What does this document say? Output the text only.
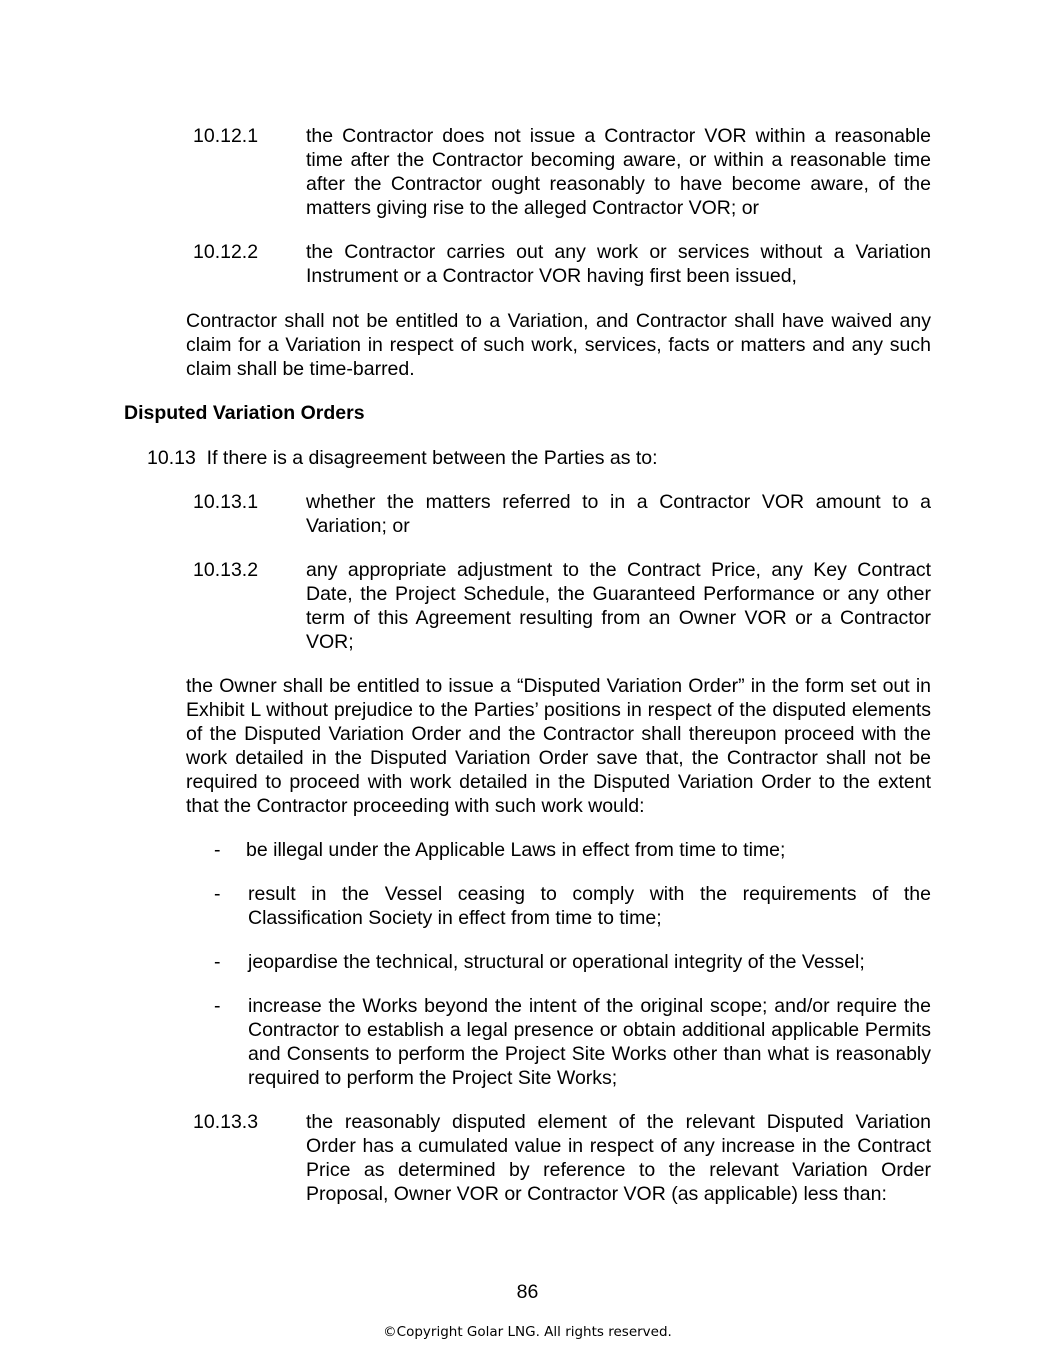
10.12.1	the Contractor does not issue a Contractor VOR within a reasonable time after the Contractor becoming aware, or within a reasonable time after the Contractor ought reasonably to have become aware, of the matters giving rise to the alleged Contractor VOR; or
10.12.2	the Contractor carries out any work or services without a Variation Instrument or a Contractor VOR having first been issued,
Contractor shall not be entitled to a Variation, and Contractor shall have waived any claim for a Variation in respect of such work, services, facts or matters and any such claim shall be time-barred.
Disputed Variation Orders
10.13 If there is a disagreement between the Parties as to:
10.13.1	whether the matters referred to in a Contractor VOR amount to a Variation; or
10.13.2	any appropriate adjustment to the Contract Price, any Key Contract Date, the Project Schedule, the Guaranteed Performance or any other term of this Agreement resulting from an Owner VOR or a Contractor VOR;
the Owner shall be entitled to issue a “Disputed Variation Order” in the form set out in Exhibit L without prejudice to the Parties’ positions in respect of the disputed elements of the Disputed Variation Order and the Contractor shall thereupon proceed with the work detailed in the Disputed Variation Order save that, the Contractor shall not be required to proceed with work detailed in the Disputed Variation Order to the extent that the Contractor proceeding with such work would:
- be illegal under the Applicable Laws in effect from time to time;
- result in the Vessel ceasing to comply with the requirements of the Classification Society in effect from time to time;
- jeopardise the technical, structural or operational integrity of the Vessel;
- increase the Works beyond the intent of the original scope; and/or require the Contractor to establish a legal presence or obtain additional applicable Permits and Consents to perform the Project Site Works other than what is reasonably required to perform the Project Site Works;
10.13.3	the reasonably disputed element of the relevant Disputed Variation Order has a cumulated value in respect of any increase in the Contract Price as determined by reference to the relevant Variation Order Proposal, Owner VOR or Contractor VOR (as applicable) less than:
86
©Copyright Golar LNG. All rights reserved.
